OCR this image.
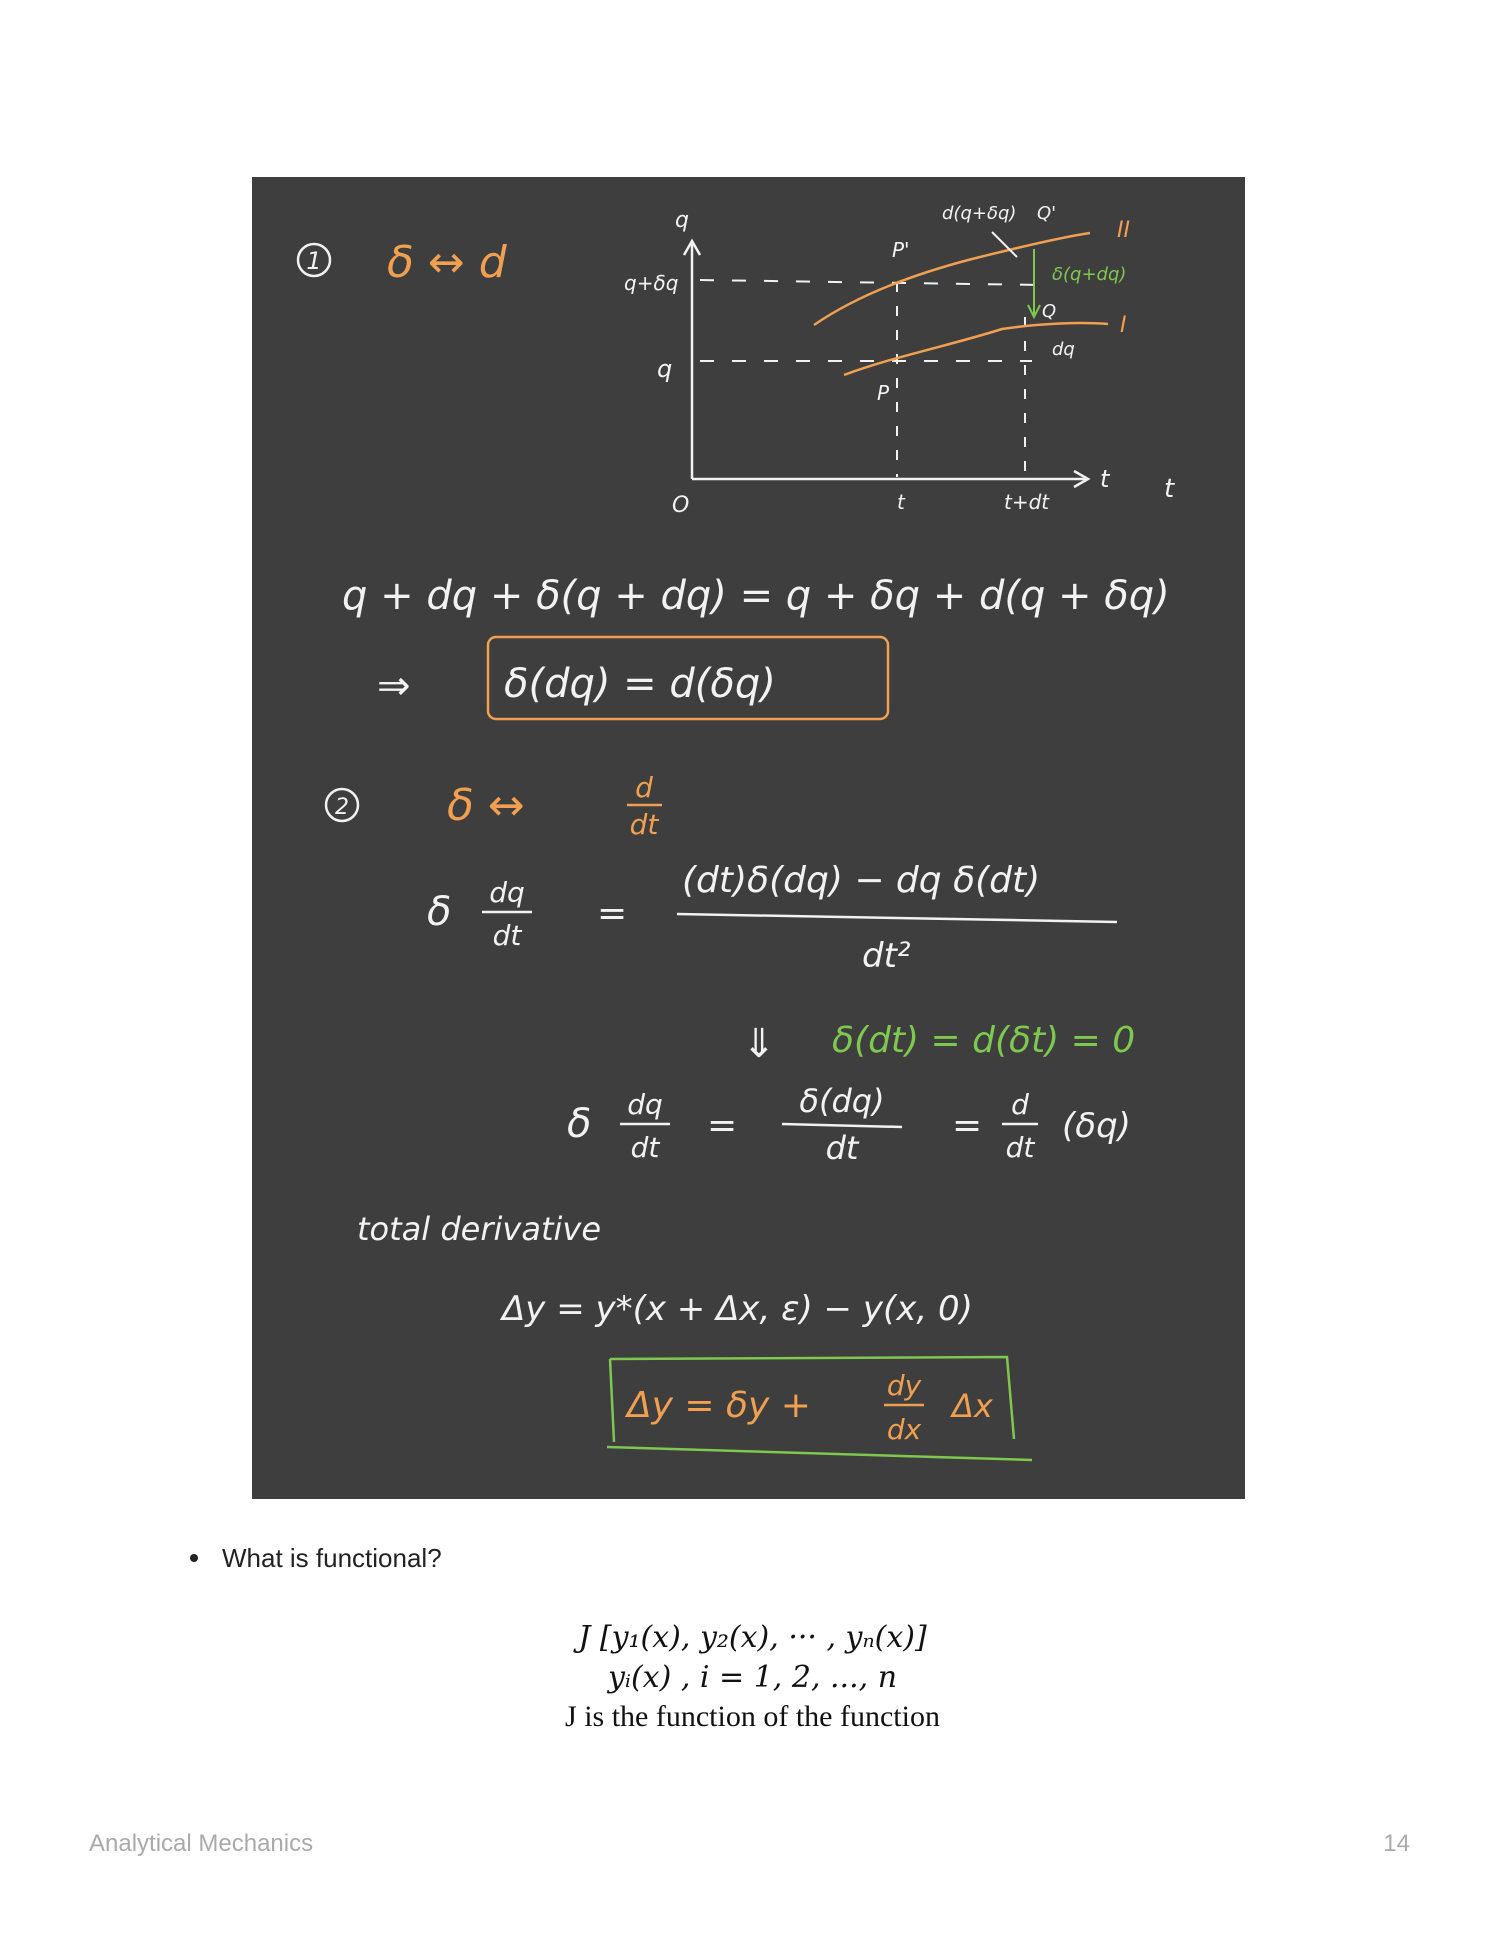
1 δ ↔ d
q
q+δq
q
O
t t
t	t+dt
P'
P
Q
Q'
d(q+δq)
II
I
δ(q+dq)
dq
q + dq + δ(q + dq) = q + δq + d(q + δq)
⇒ δ(dq) = d(δq)
2 δ ↔	d
dt
δ dq
dt
=
(dt)δ(dq) − dq δ(dt)
dt²
⇓ δ(dt) = d(δt) = 0
δ dq
dt
=
δ(dq)
dt
=
d
dt
(δq)
total derivative
Δy = y*(x + Δx, ε) − y(x, 0)
Δy = δy +	dy
dx
Δx
What is functional?
J [y₁(x), y₂(x), ··· , yₙ(x)]
yᵢ(x) , i = 1, 2, ..., n
J is the function of the function
Analytical Mechanics	14
